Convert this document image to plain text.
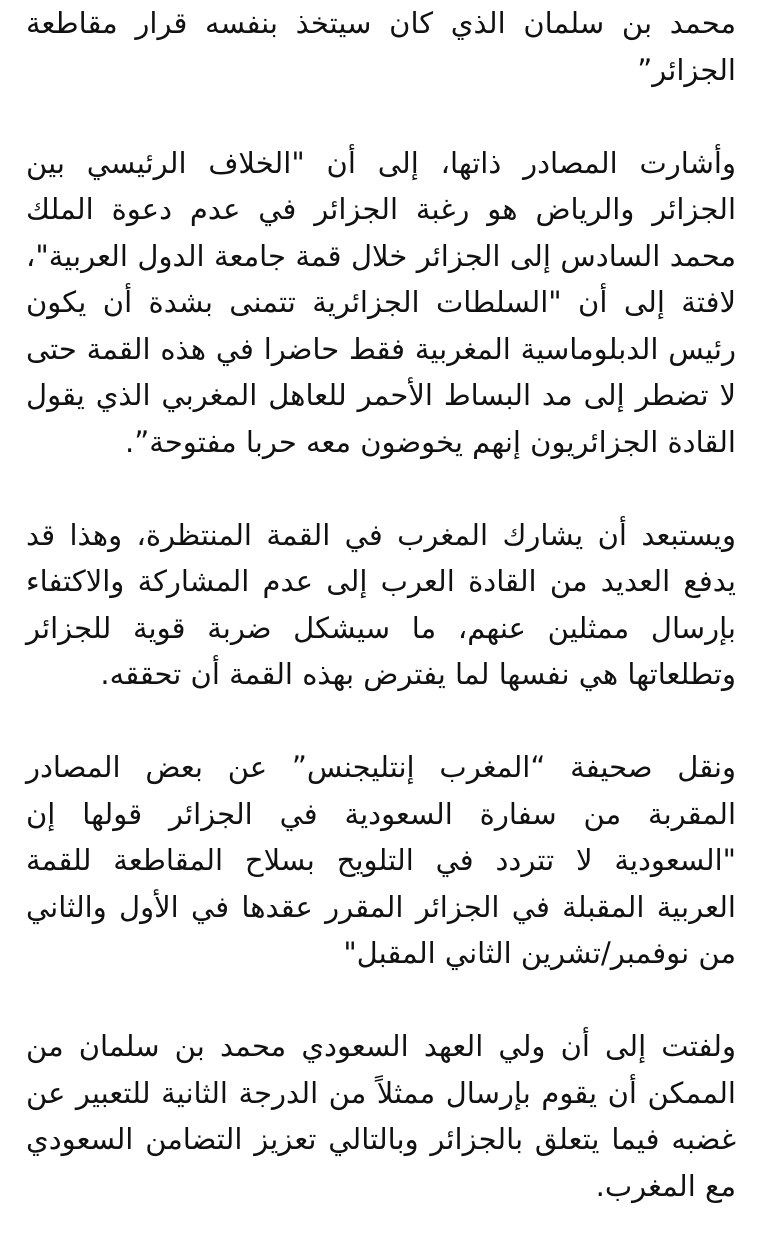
محمد بن سلمان الذي كان سيتخذ بنفسه قرار مقاطعة الجزائر”

وأشارت المصادر ذاتها، إلى أن "الخلاف الرئيسي بين الجزائر والرياض هو رغبة الجزائر في عدم دعوة الملك محمد السادس إلى الجزائر خلال قمة جامعة الدول العربية"، لافتة إلى أن "السلطات الجزائرية تتمنى بشدة أن يكون رئيس الدبلوماسية المغربية فقط حاضرا في هذه القمة حتى لا تضطر إلى مد البساط الأحمر للعاهل المغربي الذي يقول القادة الجزائريون إنهم يخوضون معه حربا مفتوحة”.

ويستبعد أن يشارك المغرب في القمة المنتظرة، وهذا قد يدفع العديد من القادة العرب إلى عدم المشاركة والاكتفاء بإرسال ممثلين عنهم، ما سيشكل ضربة قوية للجزائر وتطلعاتها هي نفسها لما يفترض بهذه القمة أن تحققه.

ونقل صحيفة “المغرب إنتليجنس” عن بعض المصادر المقربة من سفارة السعودية في الجزائر قولها إن "السعودية لا تتردد في التلويح بسلاح المقاطعة للقمة العربية المقبلة في الجزائر المقرر عقدها في الأول والثاني من نوفمبر/تشرين الثاني المقبل"

ولفتت إلى أن ولي العهد السعودي محمد بن سلمان من الممكن أن يقوم بإرسال ممثلاً من الدرجة الثانية للتعبير عن غضبه فيما يتعلق بالجزائر وبالتالي تعزيز التضامن السعودي مع المغرب.
